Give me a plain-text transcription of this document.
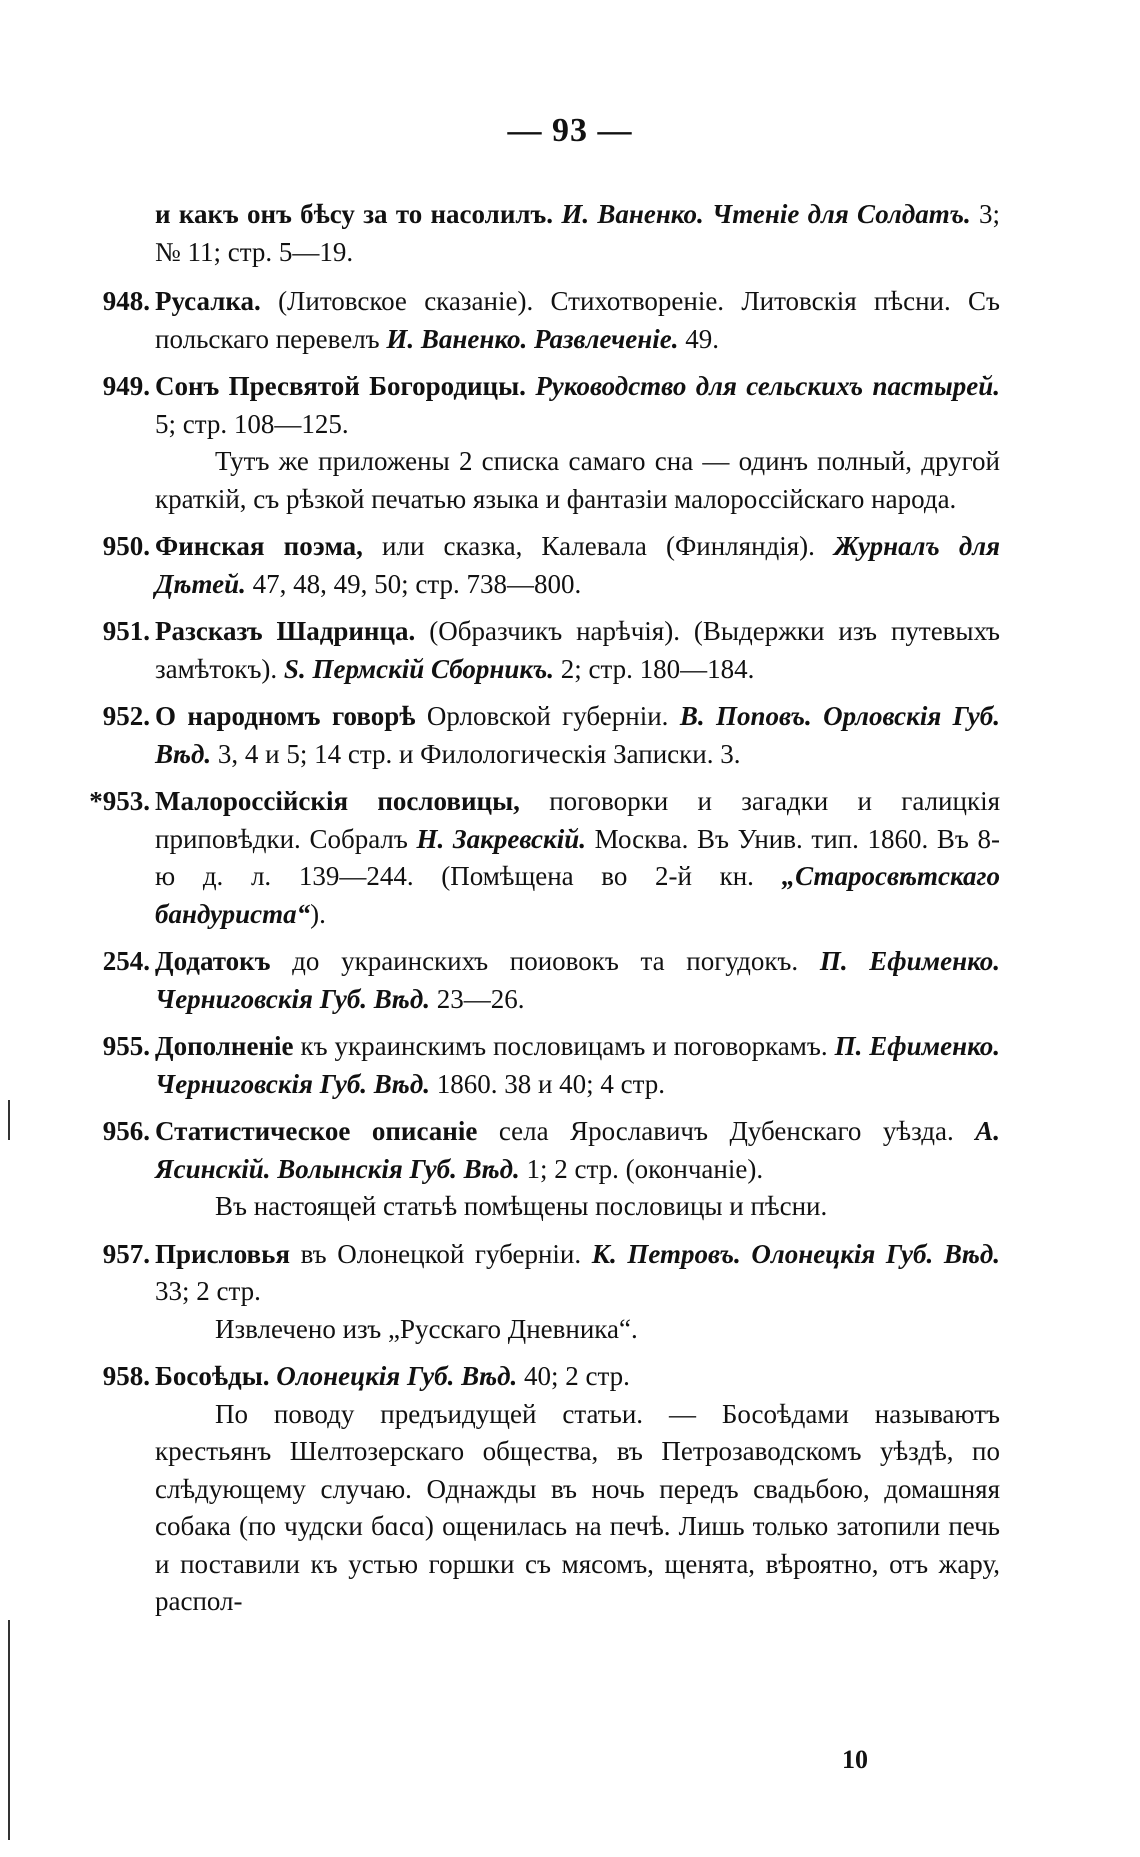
— 93 —
и какъ онъ бѣсу за то насолилъ. И. Ваненко. Чтенiе для Солдатъ. 3; № 11; стр. 5—19.
948. Русалка. (Литовское сказанiе). Стихотворенiе. Литовскiя пѣсни. Съ польскаго перевелъ И. Ваненко. Развлеченiе. 49.
949. Сонъ Пресвятой Богородицы. Руководство для сельскихъ пастырей. 5; стр. 108—125.
Тутъ же приложены 2 списка самаго сна — одинъ полный, другой краткiй, съ рѣзкой печатью языка и фантазiи малороссiйскаго народа.
950. Финская поэма, или сказка, Калевала (Финляндiя). Журналъ для Дѣтей. 47, 48, 49, 50; стр. 738—800.
951. Разсказъ Шадринца. (Образчикъ нарѣчiя). (Выдержки изъ путевыхъ замѣтокъ). S. Пермскiй Сборникъ. 2; стр. 180—184.
952. О народномъ говорѣ Орловской губернiи. В. Поповъ. Орловскiя Губ. Вѣд. 3, 4 и 5; 14 стр. и Филологическiя Записки. 3.
*953. Малороссiйскiя пословицы, поговорки и загадки и галицкiя приповѣдки. Собралъ Н. Закревскiй. Москва. Въ Унив. тип. 1860. Въ 8-ю д. л. 139—244. (Помѣщена во 2-й кн. „Старосвѣтскаго бандуриста“).
254. Додатокъ до украинскихъ поиовокъ та погудокъ. П. Ефименко. Черниговскiя Губ. Вѣд. 23—26.
955. Дополненiе къ украинскимъ пословицамъ и поговоркамъ. П. Ефименко. Черниговскiя Губ. Вѣд. 1860. 38 и 40; 4 стр.
956. Статистическое описанiе села Ярославичъ Дубенскаго уѣзда. А. Ясинскiй. Волынскiя Губ. Вѣд. 1; 2 стр. (окончанiе).
Въ настоящей статьѣ помѣщены пословицы и пѣсни.
957. Присловья въ Олонецкой губернiи. К. Петровъ. Олонецкiя Губ. Вѣд. 33; 2 стр.
Извлечено изъ „Русскаго Дневника“.
958. Босоѣды. Олонецкiя Губ. Вѣд. 40; 2 стр.
По поводу предъидущей статьи. — Босоѣдами называютъ крестьянъ Шелтозерскаго общества, въ Петрозаводскомъ уѣздѣ, по слѣдующему случаю. Однажды въ ночь передъ свадьбою, домашняя собака (по чудски бɑсɑ) ощенилась на печѣ. Лишь только затопили печь и поставили къ устью горшки съ мясомъ, щенята, вѣроятно, отъ жару, распол-
10
